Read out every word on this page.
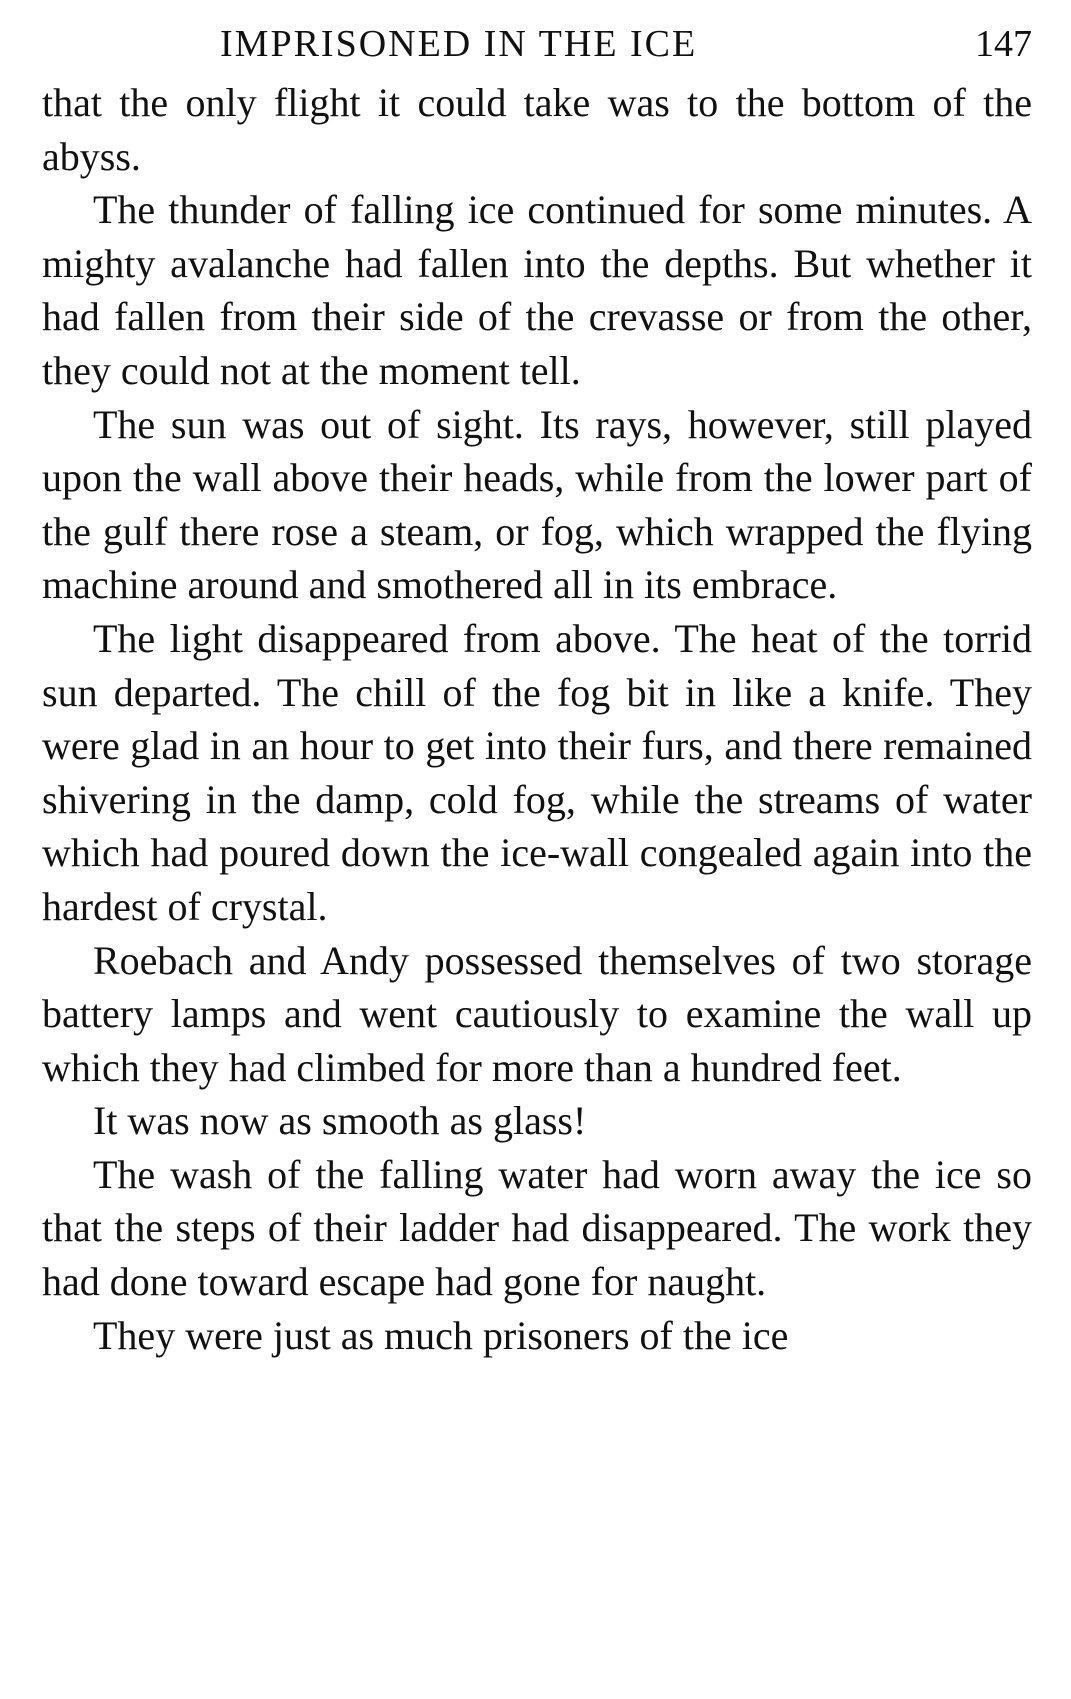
IMPRISONED IN THE ICE	147

that the only flight it could take was to the bottom of the abyss.

The thunder of falling ice continued for some minutes. A mighty avalanche had fallen into the depths. But whether it had fallen from their side of the crevasse or from the other, they could not at the moment tell.

The sun was out of sight. Its rays, however, still played upon the wall above their heads, while from the lower part of the gulf there rose a steam, or fog, which wrapped the flying machine around and smothered all in its embrace.

The light disappeared from above. The heat of the torrid sun departed. The chill of the fog bit in like a knife. They were glad in an hour to get into their furs, and there remained shivering in the damp, cold fog, while the streams of water which had poured down the ice-wall congealed again into the hardest of crystal.

Roebach and Andy possessed themselves of two storage battery lamps and went cautiously to examine the wall up which they had climbed for more than a hundred feet.

It was now as smooth as glass!

The wash of the falling water had worn away the ice so that the steps of their ladder had disappeared. The work they had done toward escape had gone for naught.

They were just as much prisoners of the ice
